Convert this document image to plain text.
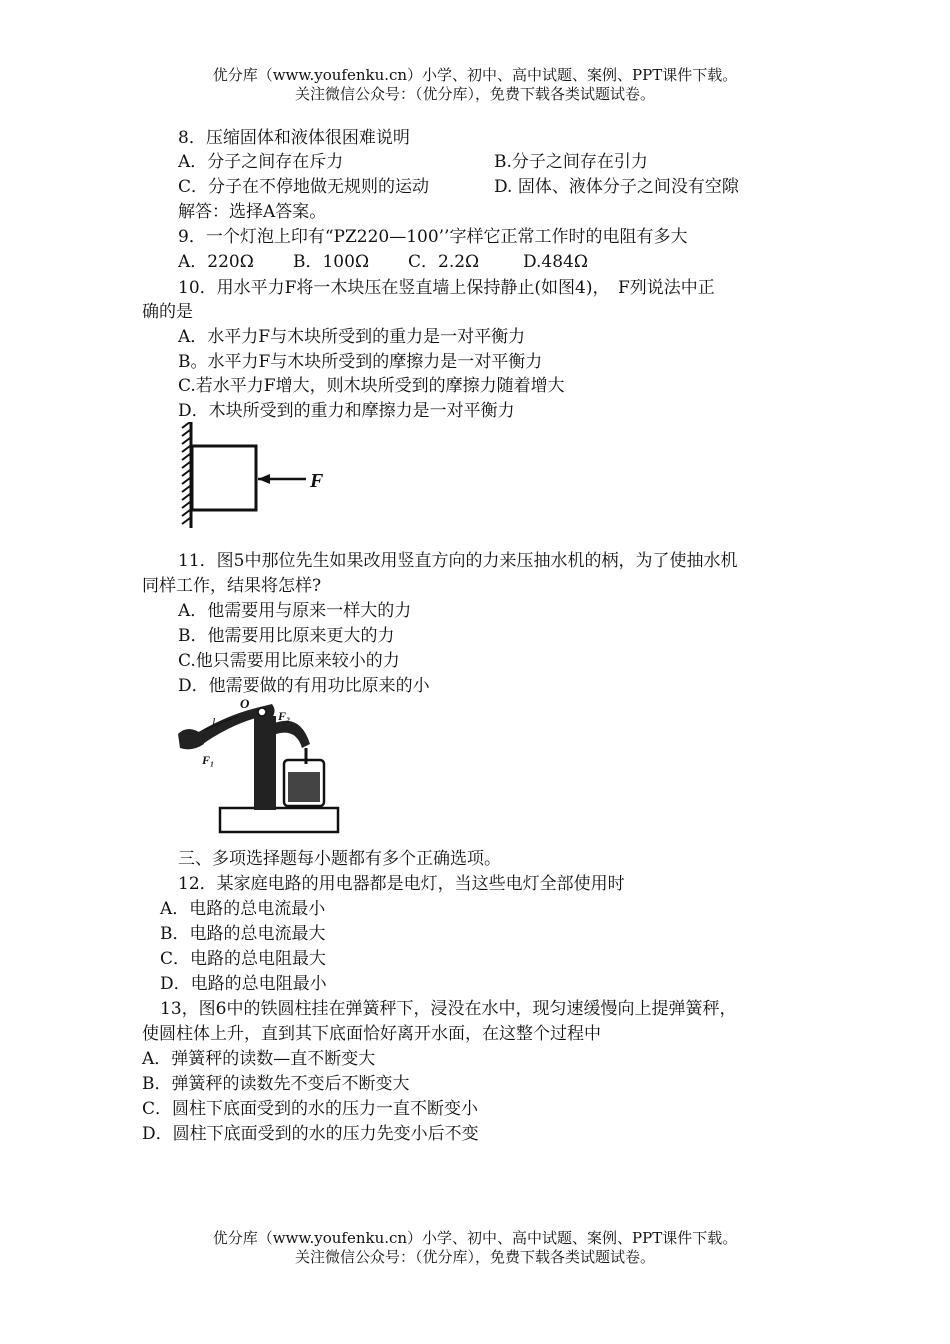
优分库（www.youfenku.cn）小学、初中、高中试题、案例、PPT课件下载。
关注微信公众号：（优分库），免费下载各类试题试卷。
8．压缩固体和液体很困难说明
A．分子之间存在斥力	B.分子之间存在引力
C．分子在不停地做无规则的运动	D. 固体、液体分子之间没有空隙
解答：选择A答案。
9．一个灯泡上印有“PZ220—100’’字样它正常工作时的电阻有多大
A．220Ω B．100Ω C．2.2Ω	D.484Ω
10．用水平力F将一木块压在竖直墙上保持静止(如图4)，　F列说法中正
确的是
A．水平力F与木块所受到的重力是一对平衡力
B。水平力F与木块所受到的摩擦力是一对平衡力
C.若水平力F增大，则木块所受到的摩擦力随着增大
D．木块所受到的重力和摩擦力是一对平衡力
F
11．图5中那位先生如果改用竖直方向的力来压抽水机的柄，为了使抽水机
同样工作，结果将怎样?
A．他需要用与原来一样大的力
B．他需要用比原来更大的力
C.他只需要用比原来较小的力
D．他需要做的有用功比原来的小
O
l₁
F₁
F₂
三、多项选择题每小题都有多个正确选项。
12．某家庭电路的用电器都是电灯，当这些电灯全部使用时
A．电路的总电流最小
B．电路的总电流最大
C．电路的总电阻最大
D．电路的总电阻最小
13，图6中的铁圆柱挂在弹簧秤下，浸没在水中，现匀速缓慢向上提弹簧秤，
使圆柱体上升，直到其下底面恰好离开水面，在这整个过程中
A．弹簧秤的读数—直不断变大
B．弹簧秤的读数先不变后不断变大
C．圆柱下底面受到的水的压力一直不断变小
D．圆柱下底面受到的水的压力先变小后不变
优分库（www.youfenku.cn）小学、初中、高中试题、案例、PPT课件下载。
关注微信公众号：（优分库），免费下载各类试题试卷。
